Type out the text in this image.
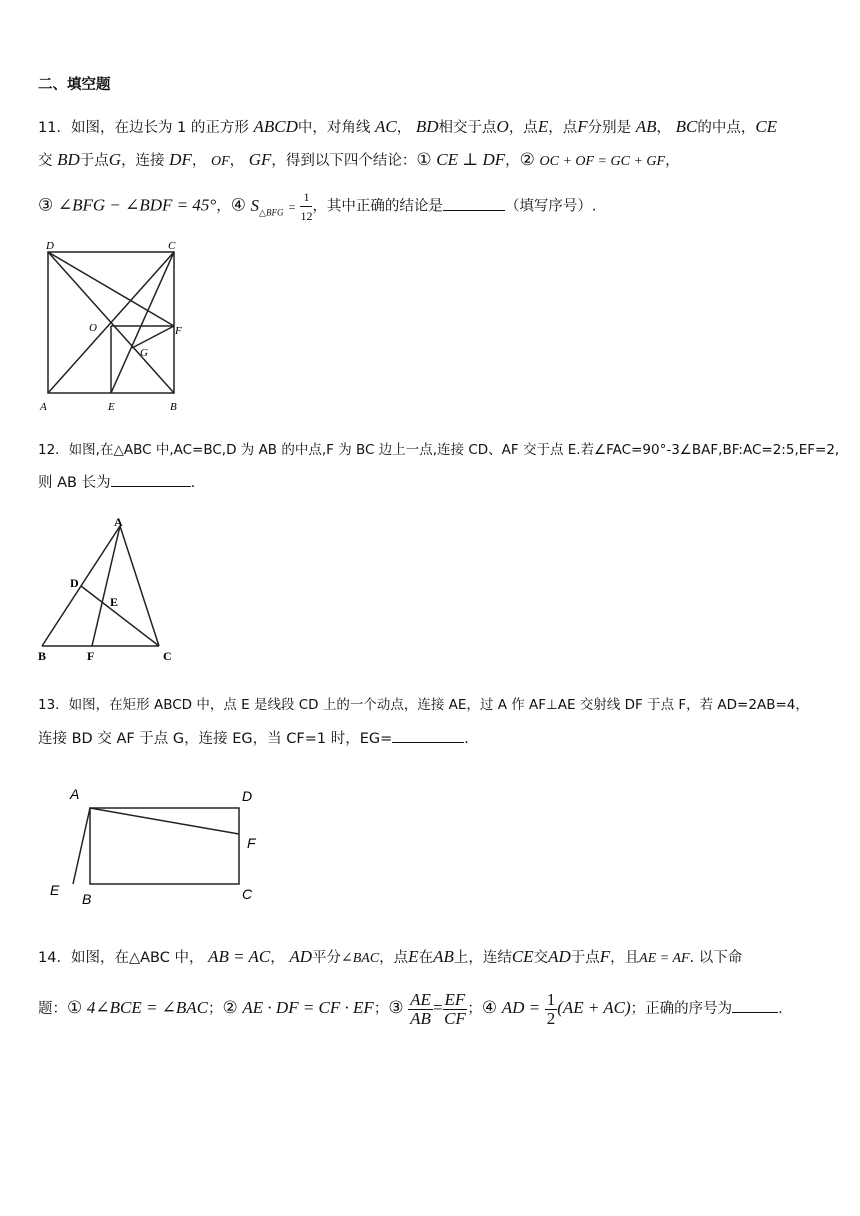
二、填空题
11．如图，在边长为 1 的正方形 ABCD中，对角线 AC， BD相交于点O，点E，点F分别是 AB， BC的中点，CE
交 BD于点G，连接 DF， OF， GF，得到以下四个结论：① CE ⊥ DF，② OC + OF = GC + GF，
③ ∠BFG − ∠BDF = 45°，④ $S_{\triangle BFG} = \frac{1}{12}$ ，其中正确的结论是	（填写序号）.
D	C
O	F
G
A	E	B
12．如图,在△ABC 中,AC=BC,D 为 AB 的中点,F 为 BC 边上一点,连接 CD、AF 交于点 E.若∠FAC=90°-3∠BAF,BF:AC=2:5,EF=2,
则 AB 长为	.
A
D
E
B	F	C
13．如图，在矩形 ABCD 中，点 E 是线段 CD 上的一个动点，连接 AE，过 A 作 AF⊥AE 交射线 DF 于点 F，若 AD=2AB=4，
连接 BD 交 AF 于点 G，连接 EG，当 CF=1 时，EG=	.
A	D
F
E
B	C
14．如图，在△ABC 中， AB = AC， AD平分∠BAC，点E在AB上，连结CE交AD于点F，且AE = AF. 以下命
题：① 4∠BCE = ∠BAC；② AE · DF = CF · EF；③ $\frac{AE}{AB} = \frac{EF}{CF}$ ；④ AD = $\frac{1}{2} (AE + AC)$；正确的序号为	.
